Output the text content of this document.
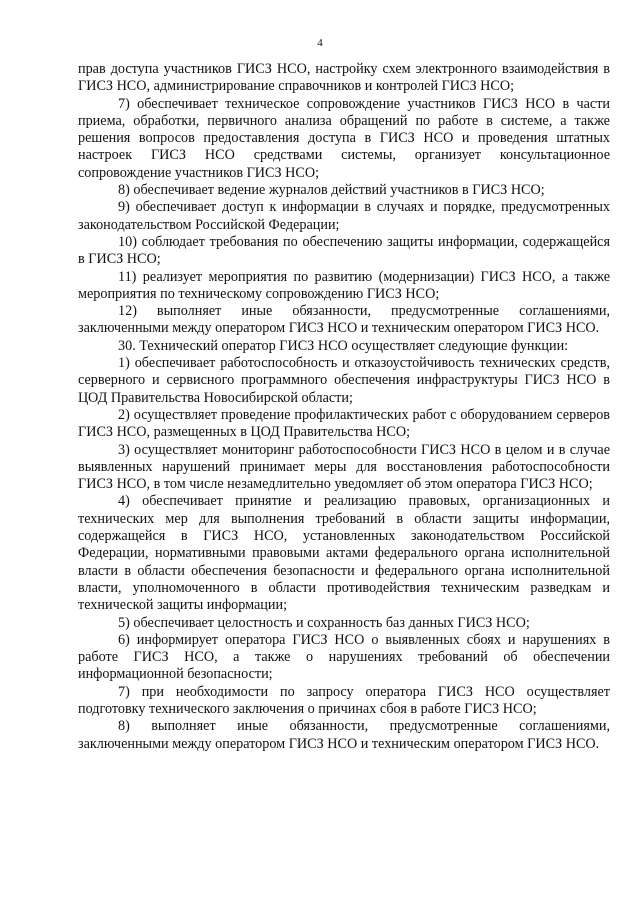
4

прав доступа участников ГИСЗ НСО, настройку схем электронного взаимодействия в ГИСЗ НСО, администрирование справочников и контролей ГИСЗ НСО;

7) обеспечивает техническое сопровождение участников ГИСЗ НСО в части приема, обработки, первичного анализа обращений по работе в системе, а также решения вопросов предоставления доступа в ГИСЗ НСО и проведения штатных настроек ГИСЗ НСО средствами системы, организует консультационное сопровождение участников ГИСЗ НСО;

8) обеспечивает ведение журналов действий участников в ГИСЗ НСО;

9) обеспечивает доступ к информации в случаях и порядке, предусмотренных законодательством Российской Федерации;

10) соблюдает требования по обеспечению защиты информации, содержащейся в ГИСЗ НСО;

11) реализует мероприятия по развитию (модернизации) ГИСЗ НСО, а также мероприятия по техническому сопровождению ГИСЗ НСО;

12) выполняет иные обязанности, предусмотренные соглашениями, заключенными между оператором ГИСЗ НСО и техническим оператором ГИСЗ НСО.

30. Технический оператор ГИСЗ НСО осуществляет следующие функции:

1) обеспечивает работоспособность и отказоустойчивость технических средств, серверного и сервисного программного обеспечения инфраструктуры ГИСЗ НСО в ЦОД Правительства Новосибирской области;

2) осуществляет проведение профилактических работ с оборудованием серверов ГИСЗ НСО, размещенных в ЦОД Правительства НСО;

3) осуществляет мониторинг работоспособности ГИСЗ НСО в целом и в случае выявленных нарушений принимает меры для восстановления работоспособности ГИСЗ НСО, в том числе незамедлительно уведомляет об этом оператора ГИСЗ НСО;

4) обеспечивает принятие и реализацию правовых, организационных и технических мер для выполнения требований в области защиты информации, содержащейся в ГИСЗ НСО, установленных законодательством Российской Федерации, нормативными правовыми актами федерального органа исполнительной власти в области обеспечения безопасности и федерального органа исполнительной власти, уполномоченного в области противодействия техническим разведкам и технической защиты информации;

5) обеспечивает целостность и сохранность баз данных ГИСЗ НСО;

6) информирует оператора ГИСЗ НСО о выявленных сбоях и нарушениях в работе ГИСЗ НСО, а также о нарушениях требований об обеспечении информационной безопасности;

7) при необходимости по запросу оператора ГИСЗ НСО осуществляет подготовку технического заключения о причинах сбоя в работе ГИСЗ НСО;

8) выполняет иные обязанности, предусмотренные соглашениями, заключенными между оператором ГИСЗ НСО и техническим оператором ГИСЗ НСО.
